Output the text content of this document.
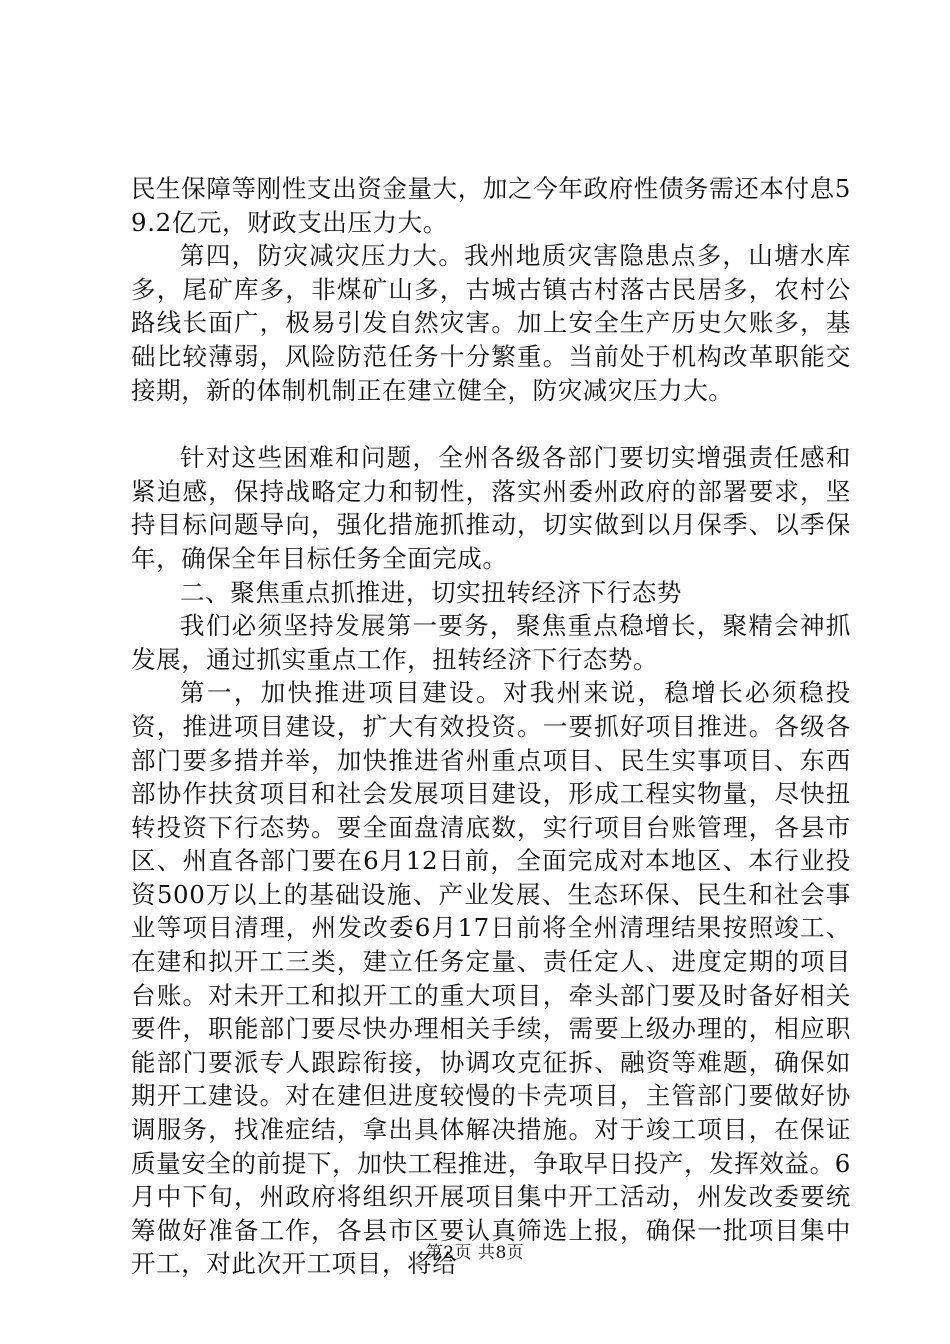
民生保障等刚性支出资金量大，加之今年政府性债务需还本付息59.2亿元，财政支出压力大。

第四，防灾减灾压力大。我州地质灾害隐患点多，山塘水库多，尾矿库多，非煤矿山多，古城古镇古村落古民居多，农村公路线长面广，极易引发自然灾害。加上安全生产历史欠账多，基础比较薄弱，风险防范任务十分繁重。当前处于机构改革职能交接期，新的体制机制正在建立健全，防灾减灾压力大。

针对这些困难和问题，全州各级各部门要切实增强责任感和紧迫感，保持战略定力和韧性，落实州委州政府的部署要求，坚持目标问题导向，强化措施抓推动，切实做到以月保季、以季保年，确保全年目标任务全面完成。

二、聚焦重点抓推进，切实扭转经济下行态势

我们必须坚持发展第一要务，聚焦重点稳增长，聚精会神抓发展，通过抓实重点工作，扭转经济下行态势。

第一，加快推进项目建设。对我州来说，稳增长必须稳投资，推进项目建设，扩大有效投资。一要抓好项目推进。各级各部门要多措并举，加快推进省州重点项目、民生实事项目、东西部协作扶贫项目和社会发展项目建设，形成工程实物量，尽快扭转投资下行态势。要全面盘清底数，实行项目台账管理，各县市区、州直各部门要在6月12日前，全面完成对本地区、本行业投资500万以上的基础设施、产业发展、生态环保、民生和社会事业等项目清理，州发改委6月17日前将全州清理结果按照竣工、在建和拟开工三类，建立任务定量、责任定人、进度定期的项目台账。对未开工和拟开工的重大项目，牵头部门要及时备好相关要件，职能部门要尽快办理相关手续，需要上级办理的，相应职能部门要派专人跟踪衔接，协调攻克征拆、融资等难题，确保如期开工建设。对在建但进度较慢的卡壳项目，主管部门要做好协调服务，找准症结，拿出具体解决措施。对于竣工项目，在保证质量安全的前提下，加快工程推进，争取早日投产，发挥效益。6月中下旬，州政府将组织开展项目集中开工活动，州发改委要统筹做好准备工作，各县市区要认真筛选上报，确保一批项目集中开工，对此次开工项目，将给

第2页 共8页
